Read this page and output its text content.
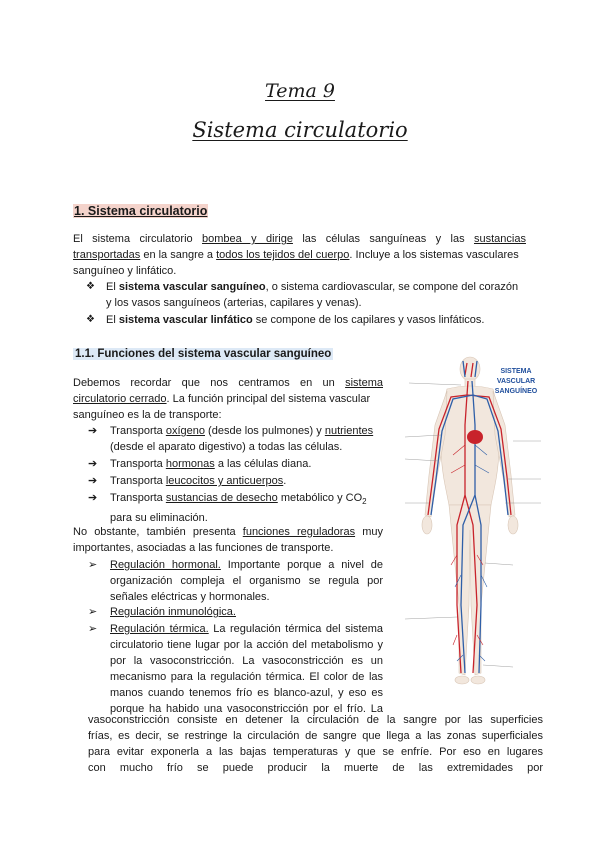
Tema 9
Sistema circulatorio
1. Sistema circulatorio
El sistema circulatorio bombea y dirige las células sanguíneas y las sustancias
transportadas en la sangre a todos los tejidos del cuerpo. Incluye a los sistemas vasculares
sanguíneo y linfático.
❖ El sistema vascular sanguíneo, o sistema cardiovascular, se compone del corazón
y los vasos sanguíneos (arterias, capilares y venas).
❖ El sistema vascular linfático se compone de los capilares y vasos linfáticos.
1.1. Funciones del sistema vascular sanguíneo
Debemos recordar que nos centramos en un sistema
circulatorio cerrado. La función principal del sistema vascular
sanguíneo es la de transporte:
➔ Transporta oxígeno (desde los pulmones) y nutrientes
(desde el aparato digestivo) a todas las células.
➔ Transporta hormonas a las células diana.
➔ Transporta leucocitos y anticuerpos.
➔ Transporta sustancias de desecho metabólico y $CO_2$
para su eliminación.
No obstante, también presenta funciones reguladoras muy
importantes, asociadas a las funciones de transporte.
➢ Regulación hormonal. Importante porque a nivel de
organización compleja el organismo se regula por
señales eléctricas y hormonales.
➢ Regulación inmunológica.
➢ Regulación térmica. La regulación térmica del sistema
circulatorio tiene lugar por la acción del metabolismo y
por la vasoconstricción. La vasoconstricción es un
mecanismo para la regulación térmica. El color de las
manos cuando tenemos frío es blanco-azul, y eso es
porque ha habido una vasoconstricción por el frío. La
vasoconstricción consiste en detener la circulación de la sangre por las superficies
frías, es decir, se restringe la circulación de sangre que llega a las zonas superficiales
para evitar exponerla a las bajas temperaturas y que se enfríe. Por eso en lugares
con mucho frío se puede producir la muerte de las extremidades por
SISTEMA
VASCULAR
SANGUÍNEO
